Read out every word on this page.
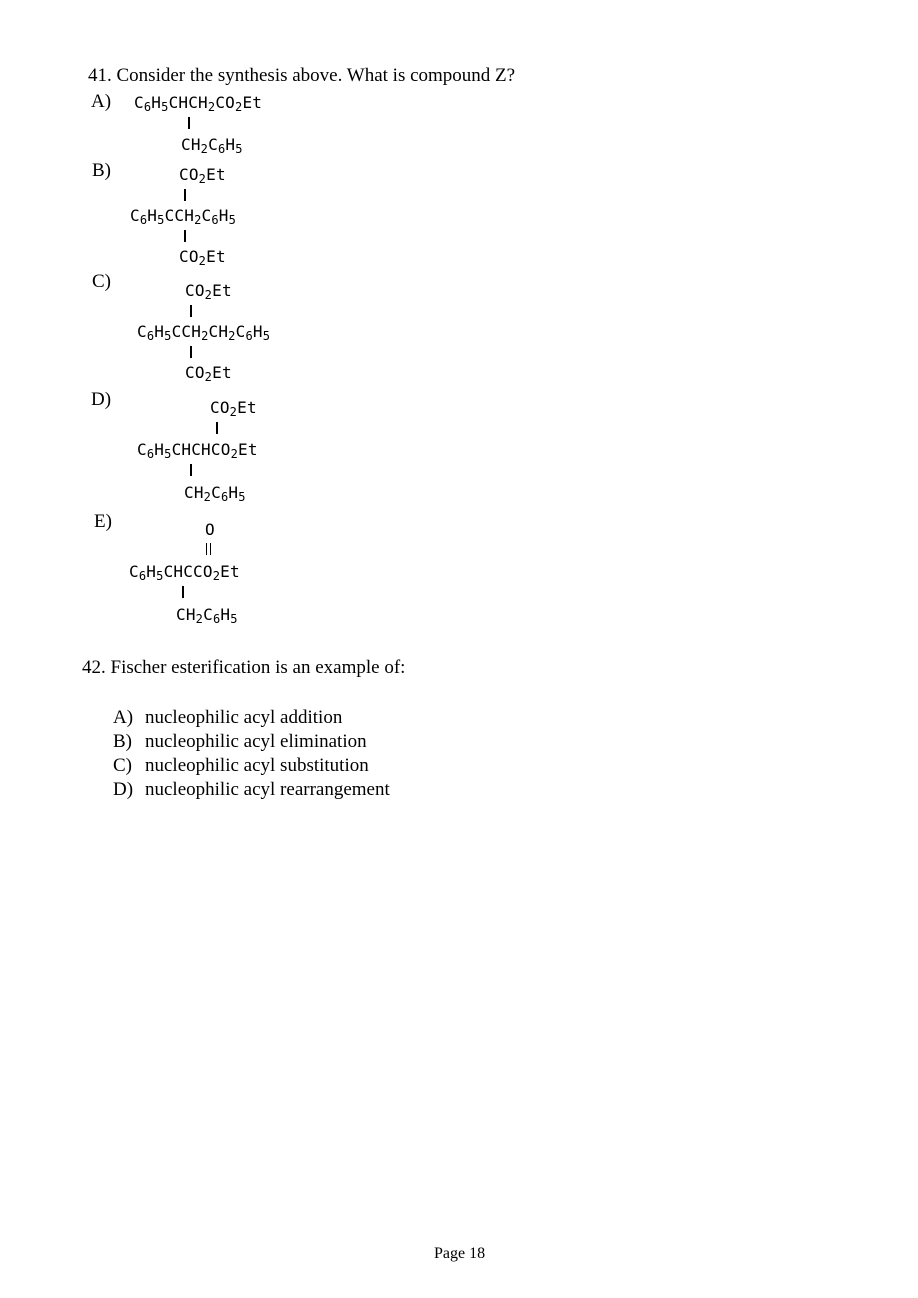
41. Consider the synthesis above. What is compound Z?
A) $C_6H_5CHCH_2CO_2Et$
$CH_2C_6H_5$
B)	$CO_2Et$
$C_6H_5CCH_2C_6H_5$
$CO_2Et$
C)	$CO_2Et$
$C_6H_5CCH_2CH_2C_6H_5$
$CO_2Et$
D)	$CO_2Et$
$C_6H_5CHCHCO_2Et$
$CH_2C_6H_5$
E)	O
$C_6H_5CHCCO_2Et$
$CH_2C_6H_5$
42. Fischer esterification is an example of:
A) nucleophilic acyl addition
B) nucleophilic acyl elimination
C) nucleophilic acyl substitution
D) nucleophilic acyl rearrangement
Page 18
